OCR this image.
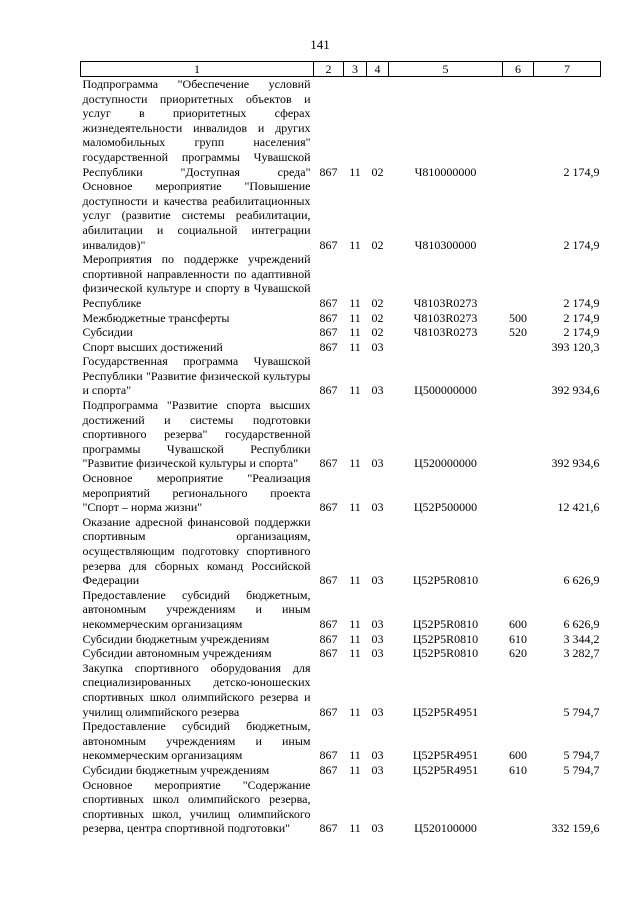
141
1	2	3	4	5	6	7
Подпрограмма "Обеспечение условий доступности приоритетных объектов и услуг в приоритетных сферах жизнедеятельности инвалидов и других маломобильных групп населения" государственной программы Чувашской Республики "Доступная среда"	867	11	02	Ч810000000		2 174,9
Основное мероприятие "Повышение доступности и качества реабилитационных услуг (развитие системы реабилитации, абилитации и социальной интеграции инвалидов)"	867	11	02	Ч810300000		2 174,9
Мероприятия по поддержке учреждений спортивной направленности по адаптивной физической культуре и спорту в Чувашской Республике	867	11	02	Ч8103R0273		2 174,9
Межбюджетные трансферты	867	11	02	Ч8103R0273	500	2 174,9
Субсидии	867	11	02	Ч8103R0273	520	2 174,9
Спорт высших достижений	867	11	03			393 120,3
Государственная программа Чувашской Республики "Развитие физической культуры и спорта"	867	11	03	Ц500000000		392 934,6
Подпрограмма "Развитие спорта высших достижений и системы подготовки спортивного резерва" государственной программы Чувашской Республики "Развитие физической культуры и спорта"	867	11	03	Ц520000000		392 934,6
Основное мероприятие "Реализация мероприятий регионального проекта "Спорт – норма жизни"	867	11	03	Ц52P500000		12 421,6
Оказание адресной финансовой поддержки спортивным организациям, осуществляющим подготовку спортивного резерва для сборных команд Российской Федерации	867	11	03	Ц52P5R0810		6 626,9
Предоставление субсидий бюджетным, автономным учреждениям и иным некоммерческим организациям	867	11	03	Ц52P5R0810	600	6 626,9
Субсидии бюджетным учреждениям	867	11	03	Ц52P5R0810	610	3 344,2
Субсидии автономным учреждениям	867	11	03	Ц52P5R0810	620	3 282,7
Закупка спортивного оборудования для специализированных детско-юношеских спортивных школ олимпийского резерва и училищ олимпийского резерва	867	11	03	Ц52P5R4951		5 794,7
Предоставление субсидий бюджетным, автономным учреждениям и иным некоммерческим организациям	867	11	03	Ц52P5R4951	600	5 794,7
Субсидии бюджетным учреждениям	867	11	03	Ц52P5R4951	610	5 794,7
Основное мероприятие "Содержание спортивных школ олимпийского резерва, спортивных школ, училищ олимпийского резерва, центра спортивной подготовки"	867	11	03	Ц520100000		332 159,6
